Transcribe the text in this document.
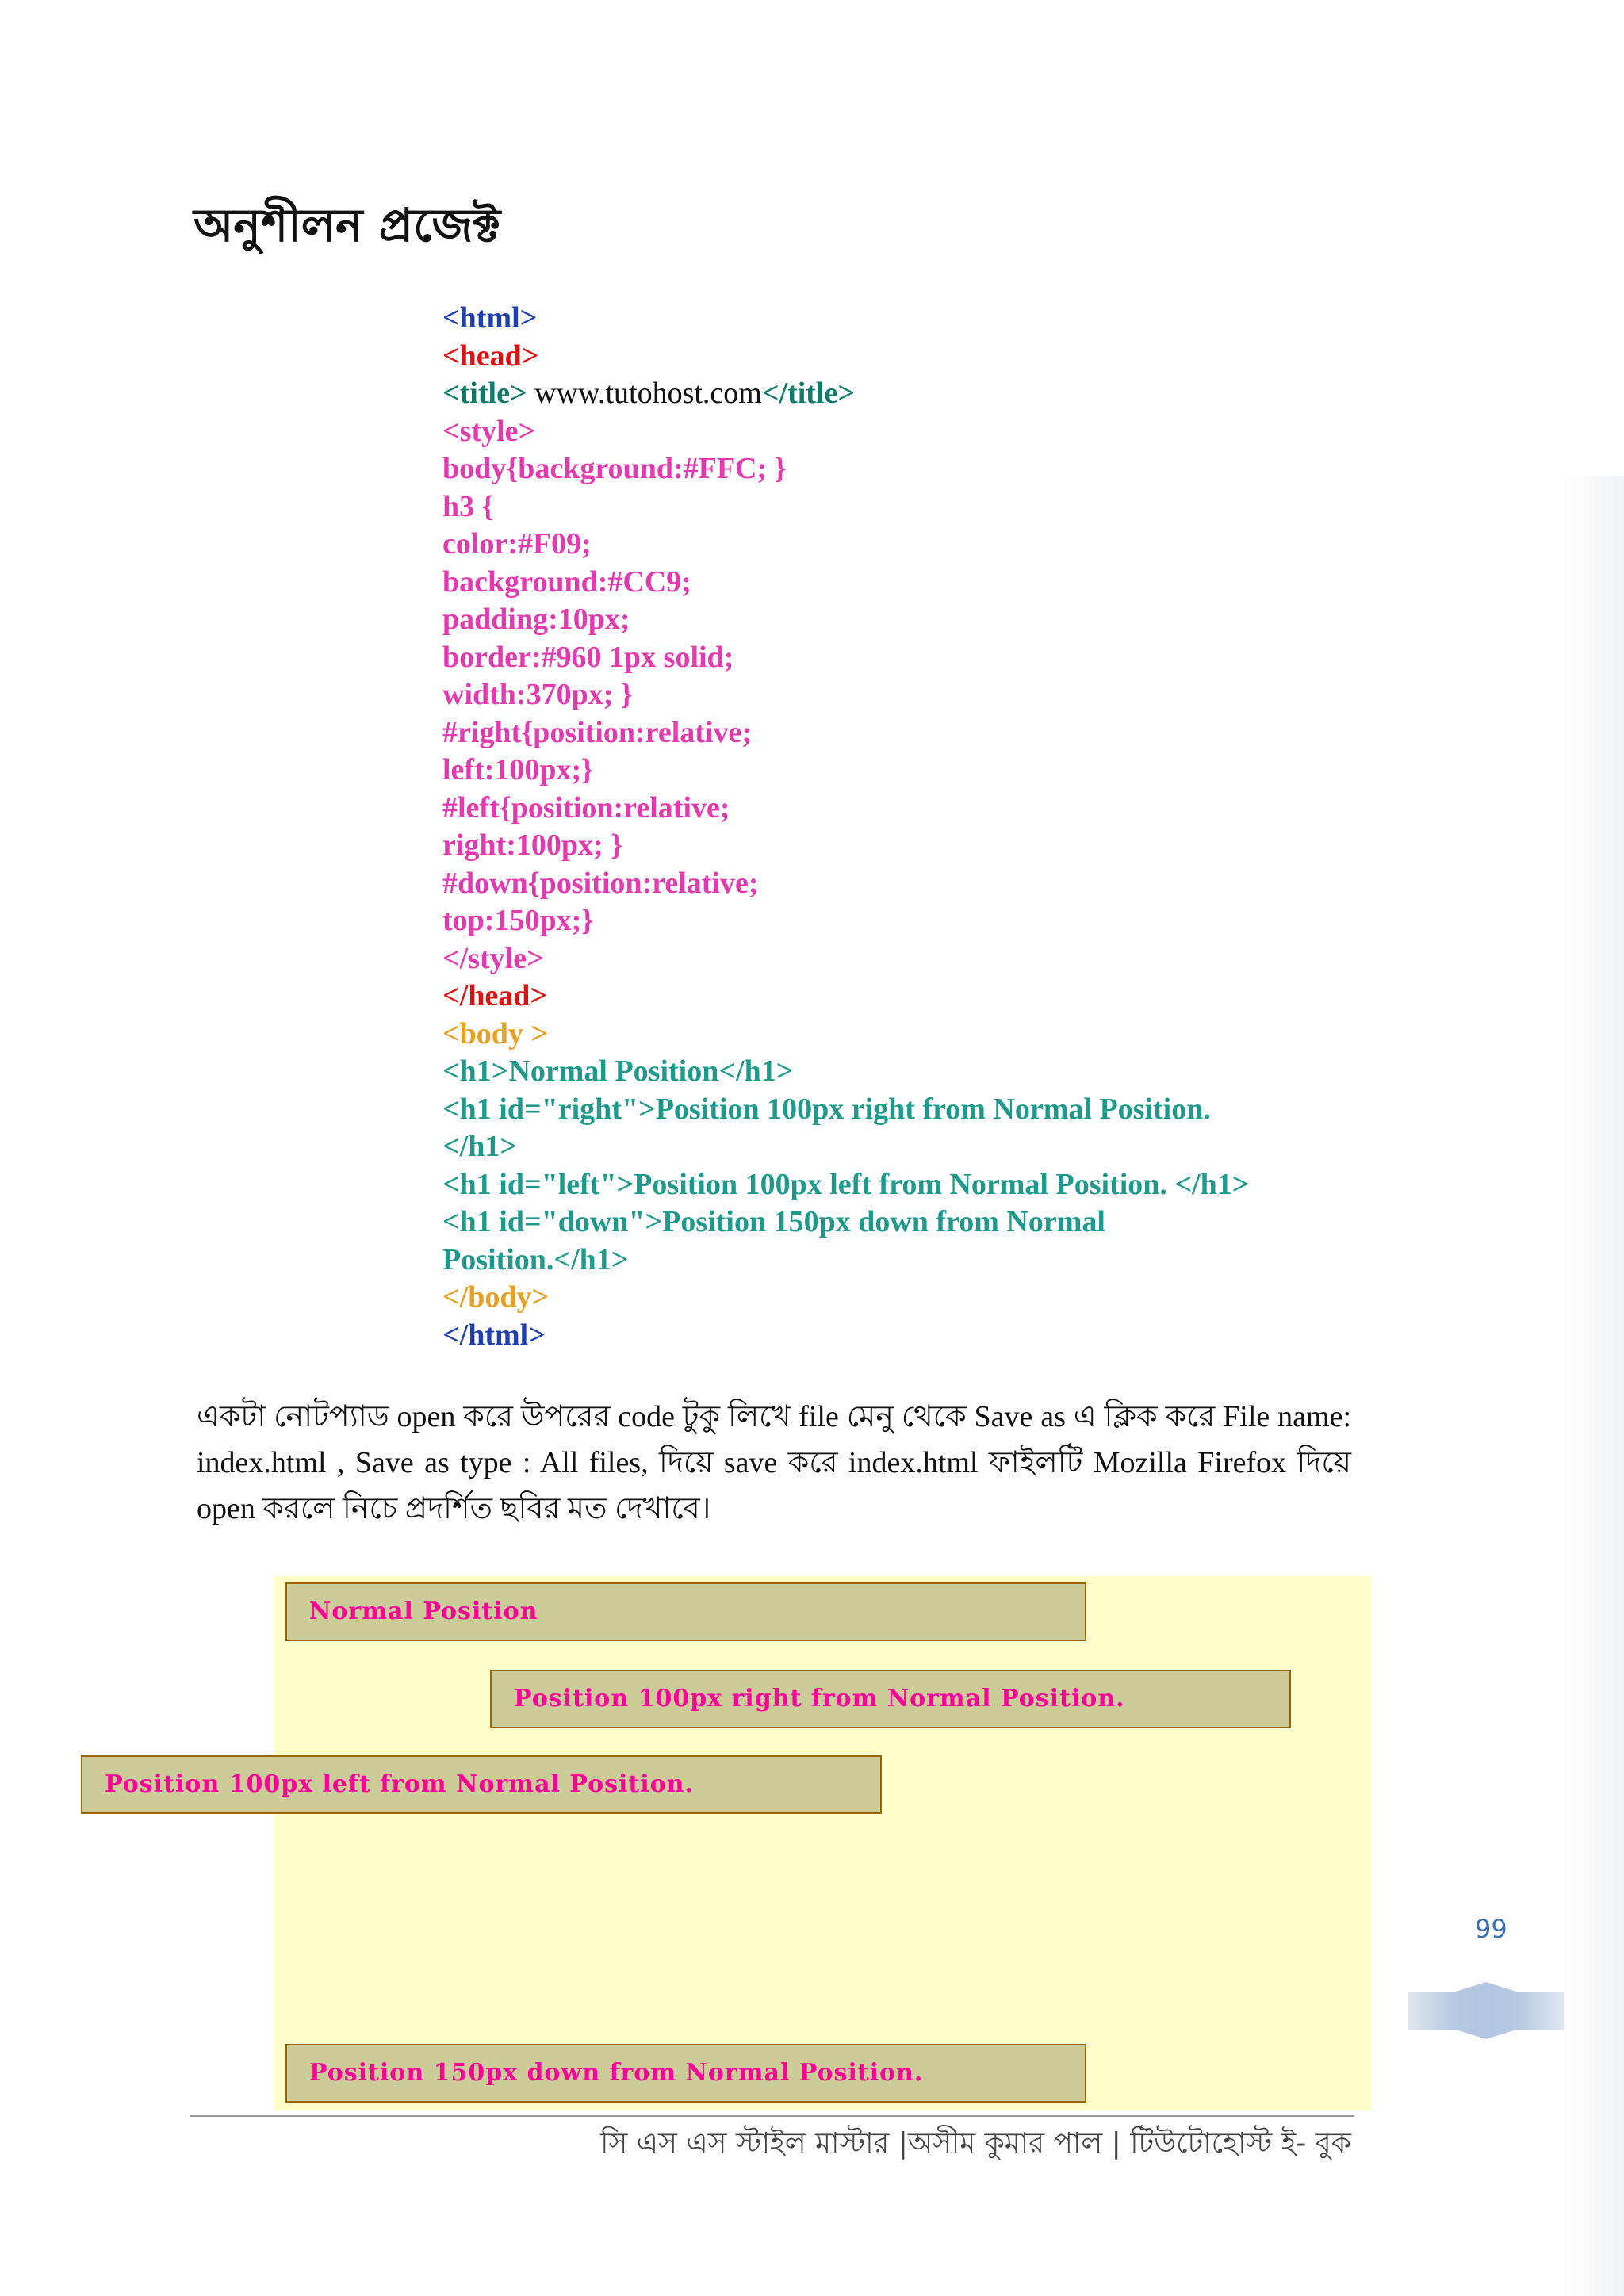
অনুশীলন প্রজেক্ট
<html>
<head>
<title> www.tutohost.com</title>
<style>
body{background:#FFC; }
h3 {
color:#F09;
background:#CC9;
padding:10px;
border:#960 1px solid;
width:370px; }
#right{position:relative;
left:100px;}
#left{position:relative;
right:100px; }
#down{position:relative;
top:150px;}
</style>
</head>
<body >
<h1>Normal Position</h1>
<h1 id="right">Position 100px right from Normal Position.
</h1>
<h1 id="left">Position 100px left from Normal Position. </h1>
<h1 id="down">Position 150px down from Normal
Position.</h1>
</body>
</html>

একটা নোটপ্যাড open করে উপরের code টুকু লিখে file মেনু থেকে Save as এ ক্লিক করে File name: index.html , Save as type : All files, দিয়ে save করে index.html ফাইলটি Mozilla Firefox দিয়ে open করলে নিচে প্রদর্শিত ছবির মত দেখাবে।

Normal Position
Position 100px right from Normal Position.
Position 100px left from Normal Position.
Position 150px down from Normal Position.
99
সি এস এস স্টাইল মাস্টার |অসীম কুমার পাল | টিউটোহোস্ট ই- বুক
